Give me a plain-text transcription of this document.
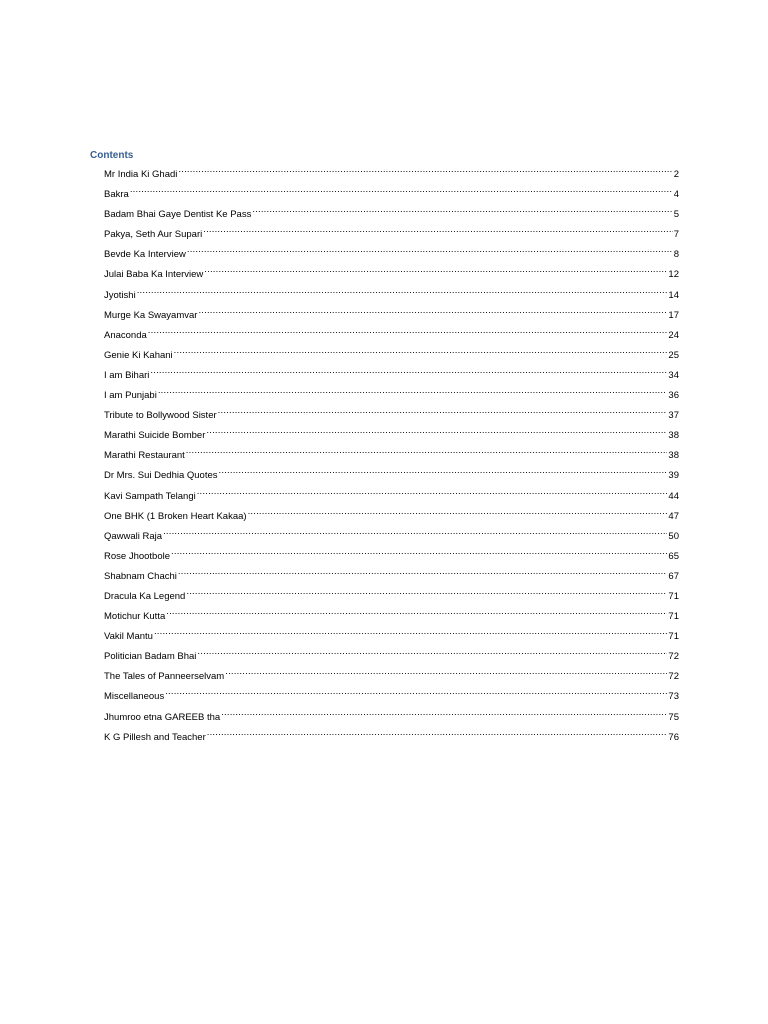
Contents
Mr India Ki Ghadi .....	2
Bakra .....	4
Badam Bhai Gaye Dentist Ke Pass .....	5
Pakya, Seth Aur Supari .....	7
Bevde Ka Interview .....	8
Julai Baba Ka Interview .....	12
Jyotishi .....	14
Murge Ka Swayamvar .....	17
Anaconda .....	24
Genie Ki Kahani .....	25
I am Bihari .....	34
I am Punjabi .....	36
Tribute to Bollywood Sister .....	37
Marathi Suicide Bomber .....	38
Marathi Restaurant .....	38
Dr Mrs. Sui Dedhia Quotes .....	39
Kavi Sampath Telangi .....	44
One BHK (1 Broken Heart Kakaa) .....	47
Qawwali Raja .....	50
Rose Jhootbole .....	65
Shabnam Chachi .....	67
Dracula Ka Legend .....	71
Motichur Kutta .....	71
Vakil Mantu .....	71
Politician Badam Bhai .....	72
The Tales of Panneerselvam .....	72
Miscellaneous .....	73
Jhumroo etna GAREEB tha .....	75
K G Pillesh and Teacher .....	76
